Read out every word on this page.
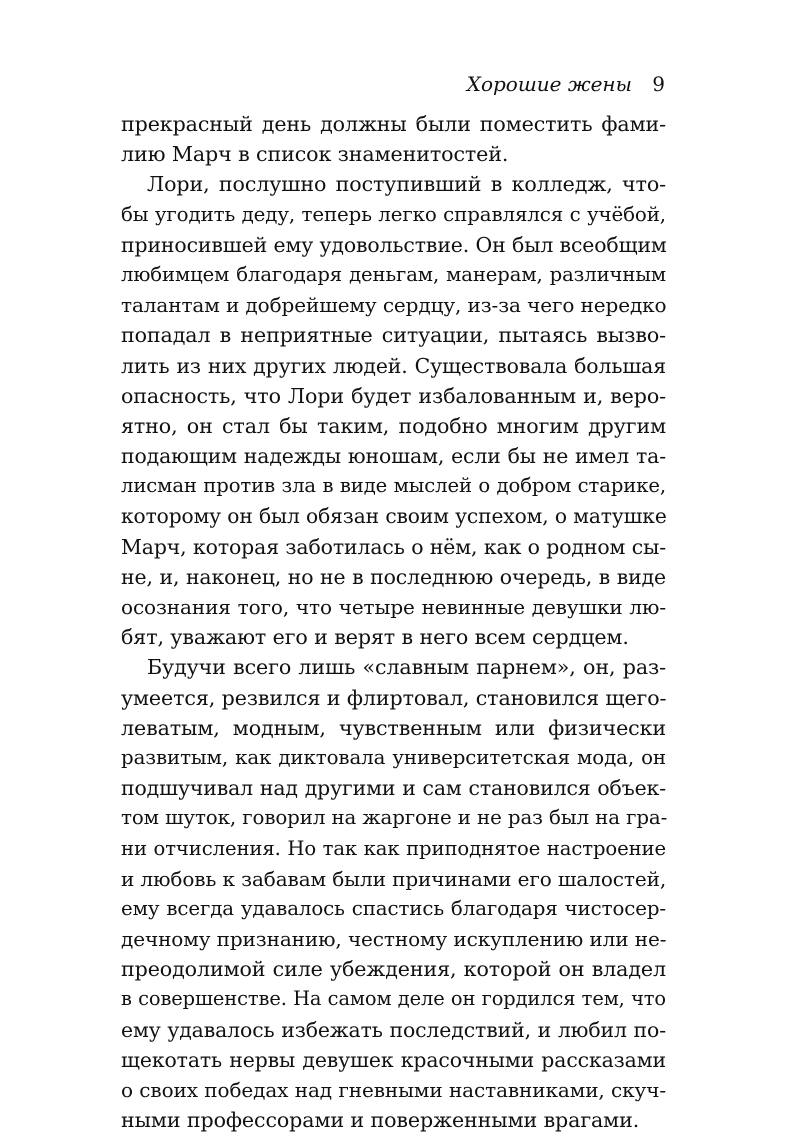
Хорошие жены 9
прекрасный день должны были поместить фами-
лию Марч в список знаменитостей.
Лори, послушно поступивший в колледж, что-
бы угодить деду, теперь легко справлялся с учёбой,
приносившей ему удовольствие. Он был всеобщим
любимцем благодаря деньгам, манерам, различным
талантам и добрейшему сердцу, из-за чего нередко
попадал в неприятные ситуации, пытаясь вызво-
лить из них других людей. Существовала большая
опасность, что Лори будет избалованным и, веро-
ятно, он стал бы таким, подобно многим другим
подающим надежды юношам, если бы не имел та-
лисман против зла в виде мыслей о добром старике,
которому он был обязан своим успехом, о матушке
Марч, которая заботилась о нём, как о родном сы-
не, и, наконец, но не в последнюю очередь, в виде
осознания того, что четыре невинные девушки лю-
бят, уважают его и верят в него всем сердцем.
Будучи всего лишь «славным парнем», он, раз-
умеется, резвился и флиртовал, становился щего-
леватым, модным, чувственным или физически
развитым, как диктовала университетская мода, он
подшучивал над другими и сам становился объек-
том шуток, говорил на жаргоне и не раз был на гра-
ни отчисления. Но так как приподнятое настроение
и любовь к забавам были причинами его шалостей,
ему всегда удавалось спастись благодаря чистосер-
дечному признанию, честному искуплению или не-
преодолимой силе убеждения, которой он владел
в совершенстве. На самом деле он гордился тем, что
ему удавалось избежать последствий, и любил по-
щекотать нервы девушек красочными рассказами
о своих победах над гневными наставниками, скуч-
ными профессорами и поверженными врагами.
